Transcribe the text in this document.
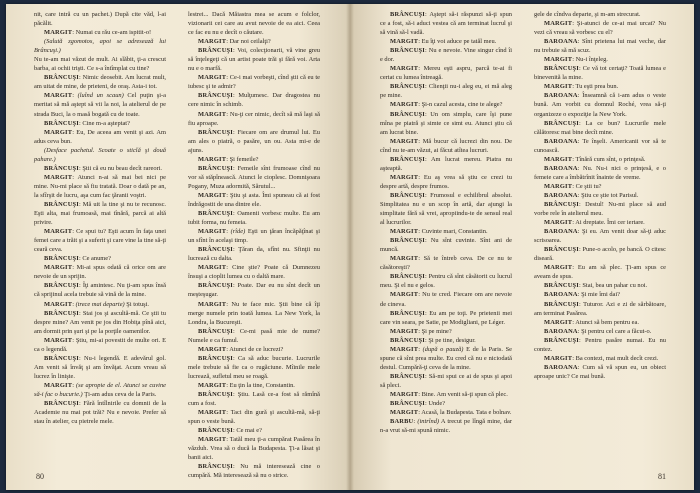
nit, care intră cu un pachet.) După cite văd, l-ai păcălit.

MARGIT: Numai cu rău ce-am ispitit-o!

(Salută zgomotos, apoi se adresează lui Brâncuşi.)

Nu te-am mai văzut de mult. Ai slăbit, ţi-a crescut barba, ai ochii trişti. Ce s-a întîmplat cu tine?

BRÂNCUŞI: Nimic deosebit. Am lucrat mult, am uitat de mine, de prieteni, de oraş. Asta-i tot.

MARGIT: (luînd un scaun) Cel puţin şi-a meritat să mă aştept să vii la noi, la atelierul de pe strada Buci, la o masă bogată cu de toate.

BRÂNCUŞI: Cine m-a aşteptat?

MARGIT: Eu, De aceea am venit şi azi. Am adus ceva bun.

(Desface pachetul. Scoate o sticlă şi două pahare.)

BRÂNCUŞI: Ştii că eu nu beau decît rareori.

MARGIT: Atunci n-ai să mai bei nici pe mine. Nu-mi place să fiu tratată. Doar o dată pe an, la sfîrşit de lucru, aşa cum fac ţăranii voştri.

BRÂNCUŞI: Mă uit la tine şi nu te recunosc. Eşti alta, mai frumoasă, mai tînără, parcă ai altă privire.

MARGIT: Ce spui tu? Eşti acum în faţa unei femei care a trăit şi a suferit şi care vine la tine să-ţi ceară ceva.

BRÂNCUŞI: Ce anume?

MARGIT: Mi-ai spus odată că orice om are nevoie de un sprijin.

BRÂNCUŞI: Îţi amintesc. Nu ţi-am spus însă că sprijinul acela trebuie să vină de la mine.

MARGIT: (trece mai departe) Şi totuşi.

BRÂNCUŞI: Stai jos şi ascultă-mă. Ce ştii tu despre mine? Am venit pe jos din Hobiţa pînă aici, am dormit prin şuri şi pe la porţile oamenilor.

MARGIT: Ştiu, mi-ai povestit de multe ori. E ca o legendă.

BRÂNCUŞI: Nu-i legendă. E adevărul gol. Am venit să învăţ şi am învăţat. Acum vreau să lucrez în linişte.

MARGIT: (se apropie de el. Atunci se cuvine să-i fac o bucurie.) Ţi-am adus ceva de la Paris.

BRÂNCUŞI: Fără întîlnirile cu domnii de la Academie nu mai pot trăi? Nu e nevoie. Prefer să stau în atelier, cu pietrele mele.

lestrei... Dacă Măiastra mea se acum e folclor, vizionarii cei care au avut nevoie de ea aici. Ceea ce fac eu nu e decît o căutare.

MARGIT: Dar noi ceilalţi?

BRÂNCUŞI: Voi, colecţionarii, vă vine greu să înţelegeţi că un artist poate trăi şi fără voi. Arta nu e o marfă.

MARGIT: Ce-i mai vorbeşti, cînd ştii că eu te iubesc şi te admir?

BRÂNCUŞI: Mulţumesc. Dar dragostea nu cere nimic în schimb.

MARGIT: Nu-ţi cer nimic, decît să mă laşi să fiu aproape.

BRÂNCUŞI: Fiecare om are drumul lui. Eu am ales o piatră, o pasăre, un ou. Asta mi-e de ajuns.

MARGIT: Şi femeile?

BRÂNCUŞI: Femeile sînt frumoase cînd nu vor să stăpînească. Atunci le cioplesc. Domnişoara Pogany, Muza adormită, Sărutul...

MARGIT: Ştiu şi asta. Îmi spuneau că ai fost îndrăgostit de una dintre ele.

BRÂNCUŞI: Oamenii vorbesc multe. Eu am iubit forma, nu femeia.

MARGIT: (rîde) Eşti un ţăran încăpăţînat şi un sfînt în acelaşi timp.

BRÂNCUŞI: Ţăran da, sfînt nu. Sfinţii nu lucrează cu dalta.

MARGIT: Cine ştie? Poate că Dumnezeu însuşi a cioplit lumea cu o daltă mare.

BRÂNCUŞI: Poate. Dar eu nu sînt decît un meşteşugar.

MARGIT: Nu te face mic. Ştii bine că îţi merge numele prin toată lumea. La New York, la Londra, la Bucureşti.

BRÂNCUŞI: Ce-mi pasă mie de nume? Numele e ca fumul.

MARGIT: Atunci de ce lucrezi?

BRÂNCUŞI: Ca să aduc bucurie. Lucrurile mele trebuie să fie ca o rugăciune. Mîinile mele lucrează, sufletul meu se roagă.

MARGIT: Eu ţin la tine, Constantin.

BRÂNCUŞI: Ştiu. Lasă ce-a fost să rămînă cum a fost.

MARGIT: Taci din gură şi ascultă-mă, să-ţi spun o veste bună.

BRÂNCUŞI: Ce mai e?

MARGIT: Tatăl meu ţi-a cumpărat Pasărea în văzduh. Vrea să o ducă la Budapesta. Ţi-a lăsat şi banii aici.

BRÂNCUŞI: Nu mă interesează cine o cumpără. Mă interesează să nu o strice.

80

BRÂNCUŞI: Aştept să-i răspunzi să-ţi spun ce a fost, să-i aduci vestea că am terminat lucrul şi să vină să-l vadă.

MARGIT: Eu îţi voi aduce pe tatăl meu.

BRÂNCUŞI: Nu e nevoie. Vine singur cînd îi e dor.

MARGIT: Mereu eşti aspru, parcă te-ai fi certat cu lumea întreagă.

BRÂNCUŞI: Clienţii nu-i aleg eu, ei mă aleg pe mine.

MARGIT: Şi-n cazul acesta, cine te alege?

BRÂNCUŞI: Un om simplu, care îşi pune mîna pe piatră şi simte ce simt eu. Atunci ştiu că am lucrat bine.

MARGIT: Mă bucur că lucrezi din nou. De cînd nu te-am văzut, ai făcut atîtea lucruri.

BRÂNCUŞI: Am lucrat mereu. Piatra nu aşteaptă.

MARGIT: Eu aş vrea să ştiu ce crezi tu despre artă, despre frumos.

BRÂNCUŞI: Frumosul e echilibrul absolut. Simplitatea nu e un scop în artă, dar ajungi la simplitate fără să vrei, apropiindu-te de sensul real al lucrurilor.

MARGIT: Cuvinte mari, Constantin.

BRÂNCUŞI: Nu sînt cuvinte. Sînt ani de muncă.

MARGIT: Să te întreb ceva. De ce nu te căsătoreşti?

BRÂNCUŞI: Pentru că sînt căsătorit cu lucrul meu. Şi el nu e gelos.

MARGIT: Nu te cred. Fiecare om are nevoie de cineva.

BRÂNCUŞI: Eu am pe toţi. Pe prietenii mei care vin seara, pe Satie, pe Modigliani, pe Léger.

MARGIT: Şi pe mine?

BRÂNCUŞI: Şi pe tine, desigur.

MARGIT: (după o pauză) E de la Paris. Se spune că sînt prea multe. Eu cred că nu e niciodată destul. Cumpără-ţi ceva de la mine.

BRÂNCUŞI: Să-mi spui ce ai de spus şi apoi să pleci.

MARGIT: Bine. Am venit să-ţi spun că plec.

BRÂNCUŞI: Unde?

MARGIT: Acasă, la Budapesta. Tata e bolnav.

BARBU: (intrînd) A trecut pe lîngă mine, dar n-a vrut să-mi spună nimic.

gele de cîndva departe, şi m-am strecurat.

MARGIT: Şi-atunci de ce-ai mai urcat? Nu vezi că vreau să vorbesc cu el?

BAROANA: Sînt prietena lui mai veche, dar nu trebuie să mă scuz.

MARGIT: Nu-i înţeleg.

BRÂNCUŞI: Ce vă tot certaţi? Toată lumea e binevenită la mine.

MARGIT: Tu eşti prea bun.

BAROANA: Înseamnă că i-am adus o veste bună. Am vorbit cu domnul Roché, vrea să-ţi organizeze o expoziţie la New York.

BRÂNCUŞI: La ce bun? Lucrurile mele călătoresc mai bine decît mine.

BAROANA: Te înşeli. Americanii vor să te cunoască.

MARGIT: Tînără cum sînt, o prinţesă.

BAROANA: Nu. Nu-i nici o prinţesă, e o femeie care a îmbătrînit înainte de vreme.

MARGIT: Ce ştii tu?

BAROANA: Ştiu ce ştie tot Parisul.

BRÂNCUŞI: Destul! Nu-mi place să aud vorbe rele în atelierul meu.

MARGIT: Ai dreptate. Îmi cer iertare.

BAROANA: Şi eu. Am venit doar să-ţi aduc scrisoarea.

BRÂNCUŞI: Pune-o acolo, pe bancă. O citesc diseară.

MARGIT: Eu am să plec. Ţi-am spus ce aveam de spus.

BRÂNCUŞI: Stai, bea un pahar cu noi.

BAROANA: Şi mie îmi dai?

BRÂNCUŞI: Tuturor. Azi e zi de sărbătoare, am terminat Pasărea.

MARGIT: Atunci să bem pentru ea.

BAROANA: Şi pentru cel care a făcut-o.

BRÂNCUŞI: Pentru pasăre numai. Eu nu contez.

MARGIT: Ba contezi, mai mult decît crezi.

BAROANA: Cum să vă spun eu, un obiect aproape unic? Ce mai bună.

81
